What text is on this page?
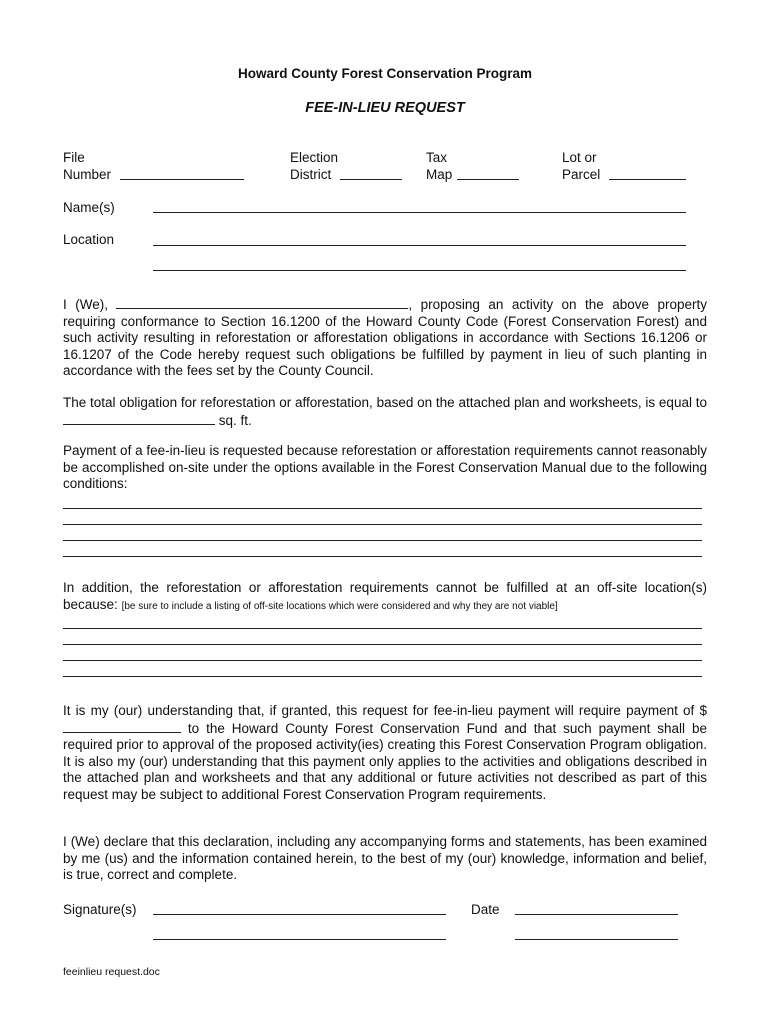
Howard County Forest Conservation Program
FEE-IN-LIEU REQUEST
File
Number
Election
District
Tax
Map
Lot or
Parcel
Name(s)
Location
I (We),	, proposing an activity on the above property requiring conformance to Section 16.1200 of the Howard County Code (Forest Conservation Forest) and such activity resulting in reforestation or afforestation obligations in accordance with Sections 16.1206 or 16.1207 of the Code hereby request such obligations be fulfilled by payment in lieu of such planting in accordance with the fees set by the County Council.
The total obligation for reforestation or afforestation, based on the attached plan and worksheets, is equal to  sq. ft.
Payment of a fee-in-lieu is requested because reforestation or afforestation requirements cannot reasonably be accomplished on-site under the options available in the Forest Conservation Manual due to the following conditions:
In addition, the reforestation or afforestation requirements cannot be fulfilled at an off-site location(s) because: [be sure to include a listing of off-site locations which were considered and why they are not viable]
It is my (our) understanding that, if granted, this request for fee-in-lieu payment will require payment of $ to the Howard County Forest Conservation Fund and that such payment shall be required prior to approval of the proposed activity(ies) creating this Forest Conservation Program obligation. It is also my (our) understanding that this payment only applies to the activities and obligations described in the attached plan and worksheets and that any additional or future activities not described as part of this request may be subject to additional Forest Conservation Program requirements.
I (We) declare that this declaration, including any accompanying forms and statements, has been examined by me (us) and the information contained herein, to the best of my (our) knowledge, information and belief, is true, correct and complete.
Signature(s)	Date
feeinlieu request.doc
